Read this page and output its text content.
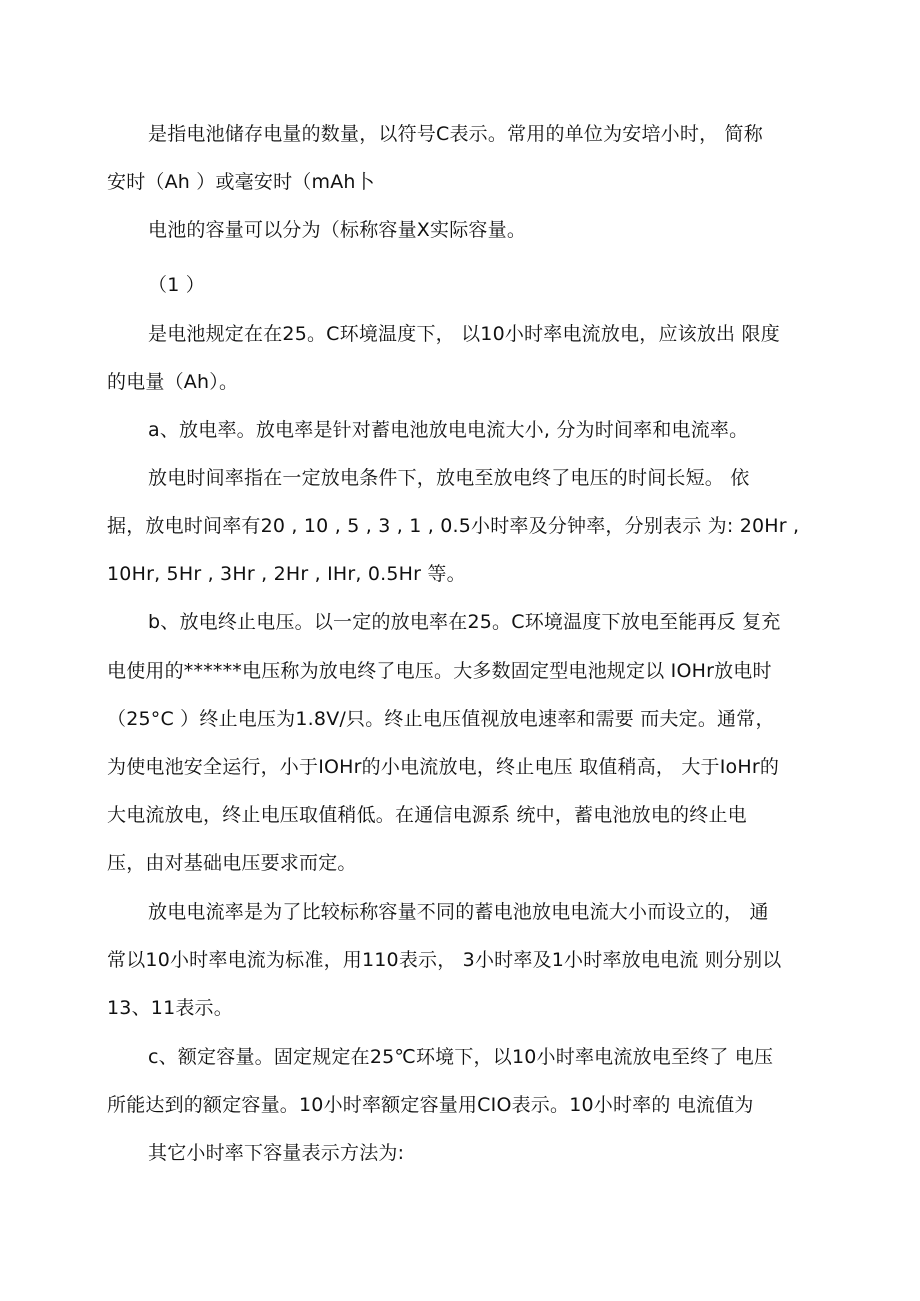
是指电池储存电量的数量，以符号C表示。常用的单位为安培小时， 简称
安时（Ah ）或毫安时（mAh卜
电池的容量可以分为（标称容量X实际容量。
（1 ）
是电池规定在在25。C环境温度下， 以10小时率电流放电，应该放出 限度
的电量（Ah）。
a、放电率。放电率是针对蓄电池放电电流大小, 分为时间率和电流率。
放电时间率指在一定放电条件下，放电至放电终了电压的时间长短。 依
据，放电时间率有20 , 10 , 5 , 3 , 1 , 0.5小时率及分钟率，分别表示 为: 20Hr ,
10Hr, 5Hr , 3Hr , 2Hr , IHr, 0.5Hr 等。
b、放电终止电压。以一定的放电率在25。C环境温度下放电至能再反 复充
电使用的******电压称为放电终了电压。大多数固定型电池规定以 IOHr放电时
（25°C ）终止电压为1.8V/只。终止电压值视放电速率和需要 而夫定。通常，
为使电池安全运行，小于IOHr的小电流放电，终止电压 取值稍高， 大于IoHr的
大电流放电，终止电压取值稍低。在通信电源系 统中，蓄电池放电的终止电
压，由对基础电压要求而定。
放电电流率是为了比较标称容量不同的蓄电池放电电流大小而设立的， 通
常以10小时率电流为标准，用110表示， 3小时率及1小时率放电电流 则分别以
13、11表示。
c、额定容量。固定规定在25℃环境下，以10小时率电流放电至终了 电压
所能达到的额定容量。10小时率额定容量用CIO表示。10小时率的 电流值为
其它小时率下容量表示方法为:
